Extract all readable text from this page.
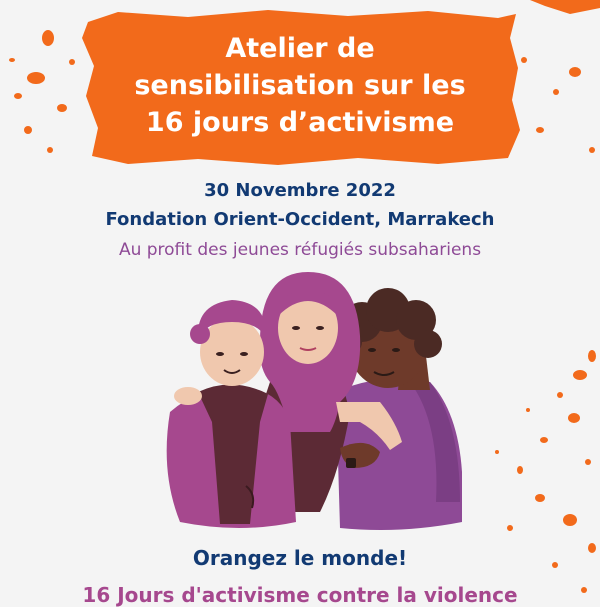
Atelier de
sensibilisation sur les
16 jours d’activisme
30 Novembre 2022
Fondation Orient-Occident, Marrakech
Au profit des jeunes réfugiés subsahariens
Orangez le monde!
16 Jours d'activisme contre la violence
